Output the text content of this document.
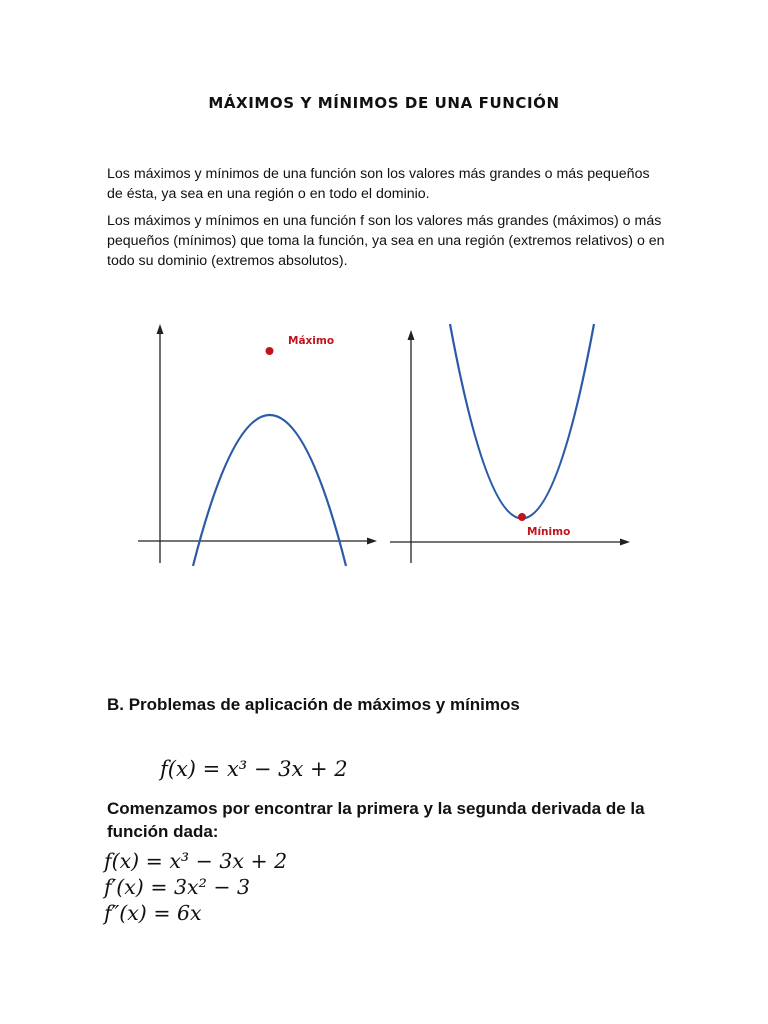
MÁXIMOS Y MÍNIMOS DE UNA FUNCIÓN

Los máximos y mínimos de una función son los valores más grandes o más pequeños de ésta, ya sea en una región o en todo el dominio.

Los máximos y mínimos en una función f son los valores más grandes (máximos) o más pequeños (mínimos) que toma la función, ya sea en una región (extremos relativos) o en todo su dominio (extremos absolutos).

Máximo
Mínimo
B. Problemas de aplicación de máximos y mínimos
f(x) = x³ − 3x + 2
Comenzamos por encontrar la primera y la segunda derivada de la función dada:
f(x) = x³ − 3x + 2
f′(x) = 3x² − 3
f″(x) = 6x
